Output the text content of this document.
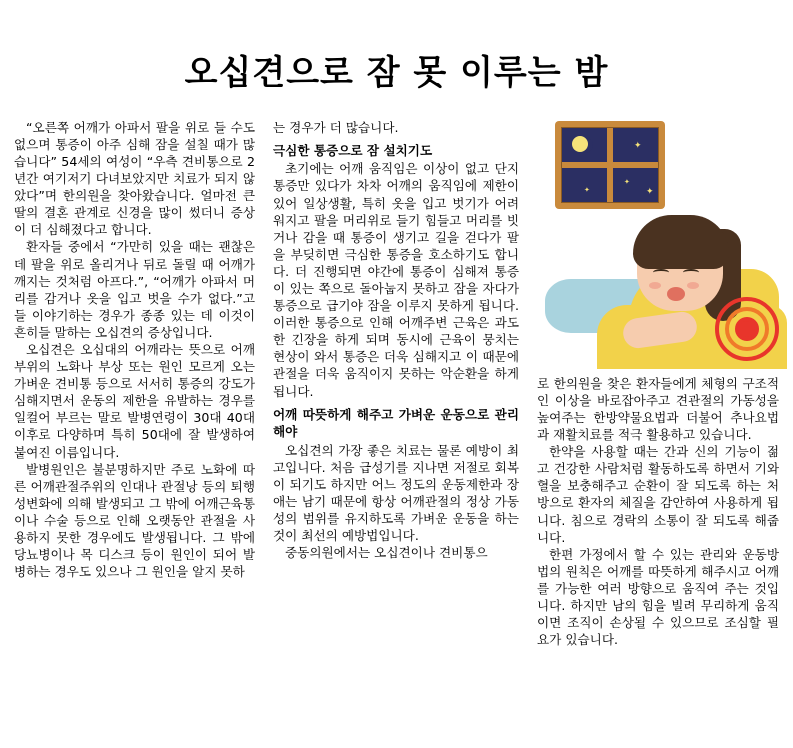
오십견으로 잠 못 이루는 밤

“오른쪽 어깨가 아파서 팔을 위로 들 수도 없으며 통증이 아주 심해 잠을 설칠 때가 많습니다” 54세의 여성이 “우측 견비통으로 2년간 여기저기 다녀보았지만 치료가 되지 않았다”며 한의원을 찾아왔습니다. 얼마전 큰 딸의 결혼 관계로 신경을 많이 썼더니 증상이 더 심해졌다고 합니다.

환자들 중에서 “가만히 있을 때는 괜찮은데 팔을 위로 올리거나 뒤로 돌릴 때 어깨가 깨지는 것처럼 아프다.”, “어깨가 아파서 머리를 감거나 옷을 입고 벗을 수가 없다.”고들 이야기하는 경우가 종종 있는 데 이것이 흔히들 말하는 오십견의 증상입니다.

오십견은 오십대의 어깨라는 뜻으로 어깨 부위의 노화나 부상 또는 원인 모르게 오는 가벼운 견비통 등으로 서서히 통증의 강도가 심해지면서 운동의 제한을 유발하는 경우를 일컬어 부르는 말로 발병연령이 30대 40대 이후로 다양하며 특히 50대에 잘 발생하여 붙여진 이름입니다.

발병원인은 불분명하지만 주로 노화에 따른 어깨관절주위의 인대나 관절낭 등의 퇴행성변화에 의해 발생되고 그 밖에 어깨근육통이나 수술 등으로 인해 오랫동안 관절을 사용하지 못한 경우에도 발생됩니다. 그 밖에 당뇨병이나 목 디스크 등이 원인이 되어 발병하는 경우도 있으나 그 원인을 알지 못하

는 경우가 더 많습니다.

극심한 통증으로 잠 설치기도

초기에는 어깨 움직임은 이상이 없고 단지 통증만 있다가 차차 어깨의 움직임에 제한이 있어 일상생활, 특히 옷을 입고 벗기가 어려워지고 팔을 머리위로 들기 힘들고 머리를 빗거나 감을 때 통증이 생기고 길을 걷다가 팔을 부딪히면 극심한 통증을 호소하기도 합니다. 더 진행되면 야간에 통증이 심해져 통증이 있는 쪽으로 돌아눕지 못하고 잠을 자다가 통증으로 급기야 잠을 이루지 못하게 됩니다. 이러한 통증으로 인해 어깨주변 근육은 과도한 긴장을 하게 되며 동시에 근육이 뭉치는 현상이 와서 통증은 더욱 심해지고 이 때문에 관절을 더욱 움직이지 못하는 악순환을 하게 됩니다.

어깨 따뜻하게 해주고 가벼운 운동으로 관리해야

오십견의 가장 좋은 치료는 물론 예방이 최고입니다. 처음 급성기를 지나면 저절로 회복이 되기도 하지만 어느 정도의 운동제한과 장애는 남기 때문에 항상 어깨관절의 정상 가동성의 범위를 유지하도록 가벼운 운동을 하는 것이 최선의 예방법입니다.

중동의원에서는 오십견이나 견비통으

✦
✦
✦
✦

로 한의원을 찾은 환자들에게 체형의 구조적인 이상을 바로잡아주고 견관절의 가동성을 높여주는 한방약물요법과 더불어 추나요법과 재활치료를 적극 활용하고 있습니다.

한약을 사용할 때는 간과 신의 기능이 젊고 건강한 사람처럼 활동하도록 하면서 기와 혈을 보충해주고 순환이 잘 되도록 하는 처방으로 환자의 체질을 감안하여 사용하게 됩니다. 침으로 경락의 소통이 잘 되도록 해줍니다.

한편 가정에서 할 수 있는 관리와 운동방법의 원칙은 어깨를 따뜻하게 해주시고 어깨를 가능한 여러 방향으로 움직여 주는 것입니다. 하지만 남의 힘을 빌려 무리하게 움직이면 조직이 손상될 수 있으므로 조심할 필요가 있습니다.
